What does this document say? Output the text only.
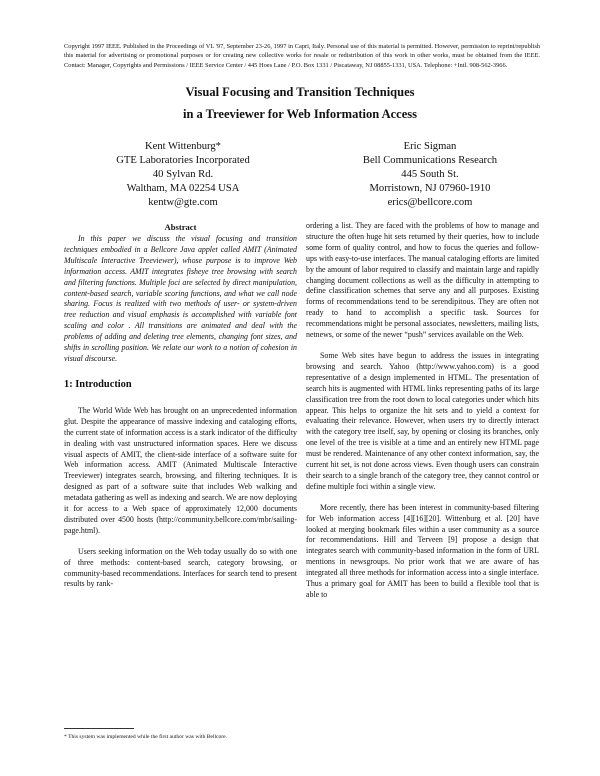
Copyright 1997 IEEE. Published in the Proceedings of VL '97, September 23-26, 1997 in Capri, Italy. Personal use of this material is permitted. However, permission to reprint/republish this material for advertising or promotional purposes or for creating new collective works for resale or redistribution of this work in other works, must be obtained from the IEEE. Contact: Manager, Copyrights and Permissions / IEEE Service Center / 445 Hoes Lane / P.O. Box 1331 / Piscataway, NJ 08855-1331, USA. Telephone: +Intl. 908-562-3966.
Visual Focusing and Transition Techniques
in a Treeviewer for Web Information Access
Kent Wittenburg*
GTE Laboratories Incorporated
40 Sylvan Rd.
Waltham, MA 02254 USA
kentw@gte.com
Eric Sigman
Bell Communications Research
445 South St.
Morristown, NJ 07960-1910
erics@bellcore.com
Abstract

In this paper we discuss the visual focusing and transition techniques embodied in a Bellcore Java applet called AMIT (Animated Multiscale Interactive Treeviewer), whose purpose is to improve Web information access. AMIT integrates fisheye tree browsing with search and filtering functions. Multiple foci are selected by direct manipulation, content-based search, variable scoring functions, and what we call node sharing. Focus is realized with two methods of user- or system-driven tree reduction and visual emphasis is accomplished with variable font scaling and color . All transitions are animated and deal with the problems of adding and deleting tree elements, changing font sizes, and shifts in scrolling position. We relate our work to a notion of cohesion in visual discourse.

1: Introduction

The World Wide Web has brought on an unprecedented information glut. Despite the appearance of massive indexing and cataloging efforts, the current state of information access is a stark indicator of the difficulty in dealing with vast unstructured information spaces. Here we discuss visual aspects of AMIT, the client-side interface of a software suite for Web information access. AMIT (Animated Multiscale Interactive Treeviewer) integrates search, browsing, and filtering techniques. It is designed as part of a software suite that includes Web walking and metadata gathering as well as indexing and search. We are now deploying it for access to a Web space of approximately 12,000 documents distributed over 4500 hosts (http://community.bellcore.com/mbr/sailing-page.html).

Users seeking information on the Web today usually do so with one of three methods: content-based search, category browsing, or community-based recommendations. Interfaces for search tend to present results by rank-

ordering a list. They are faced with the problems of how to manage and structure the often huge hit sets returned by their queries, how to include some form of quality control, and how to focus the queries and follow-ups with easy-to-use interfaces. The manual cataloging efforts are limited by the amount of labor required to classify and maintain large and rapidly changing document collections as well as the difficulty in attempting to define classification schemes that serve any and all purposes. Existing forms of recommendations tend to be serendipitous. They are often not ready to hand to accomplish a specific task. Sources for recommendations might be personal associates, newsletters, mailing lists, netnews, or some of the newer “push” services available on the Web.

Some Web sites have begun to address the issues in integrating browsing and search. Yahoo (http://www.yahoo.com) is a good representative of a design implemented in HTML. The presentation of search hits is augmented with HTML links representing paths of its large classification tree from the root down to local categories under which hits appear. This helps to organize the hit sets and to yield a context for evaluating their relevance. However, when users try to directly interact with the category tree itself, say, by opening or closing its branches, only one level of the tree is visible at a time and an entirely new HTML page must be rendered. Maintenance of any other context information, say, the current hit set, is not done across views. Even though users can constrain their search to a single branch of the category tree, they cannot control or define multiple foci within a single view.

More recently, there has been interest in community-based filtering for Web information access [4][16][20]. Wittenburg et al. [20] have looked at merging bookmark files within a user community as a source for recommendations. Hill and Terveen [9] propose a design that integrates search with community-based information in the form of URL mentions in newsgroups. No prior work that we are aware of has integrated all three methods for information access into a single interface. Thus a primary goal for AMIT has been to build a flexible tool that is able to

* This system was implemented while the first author was with Bellcore.
